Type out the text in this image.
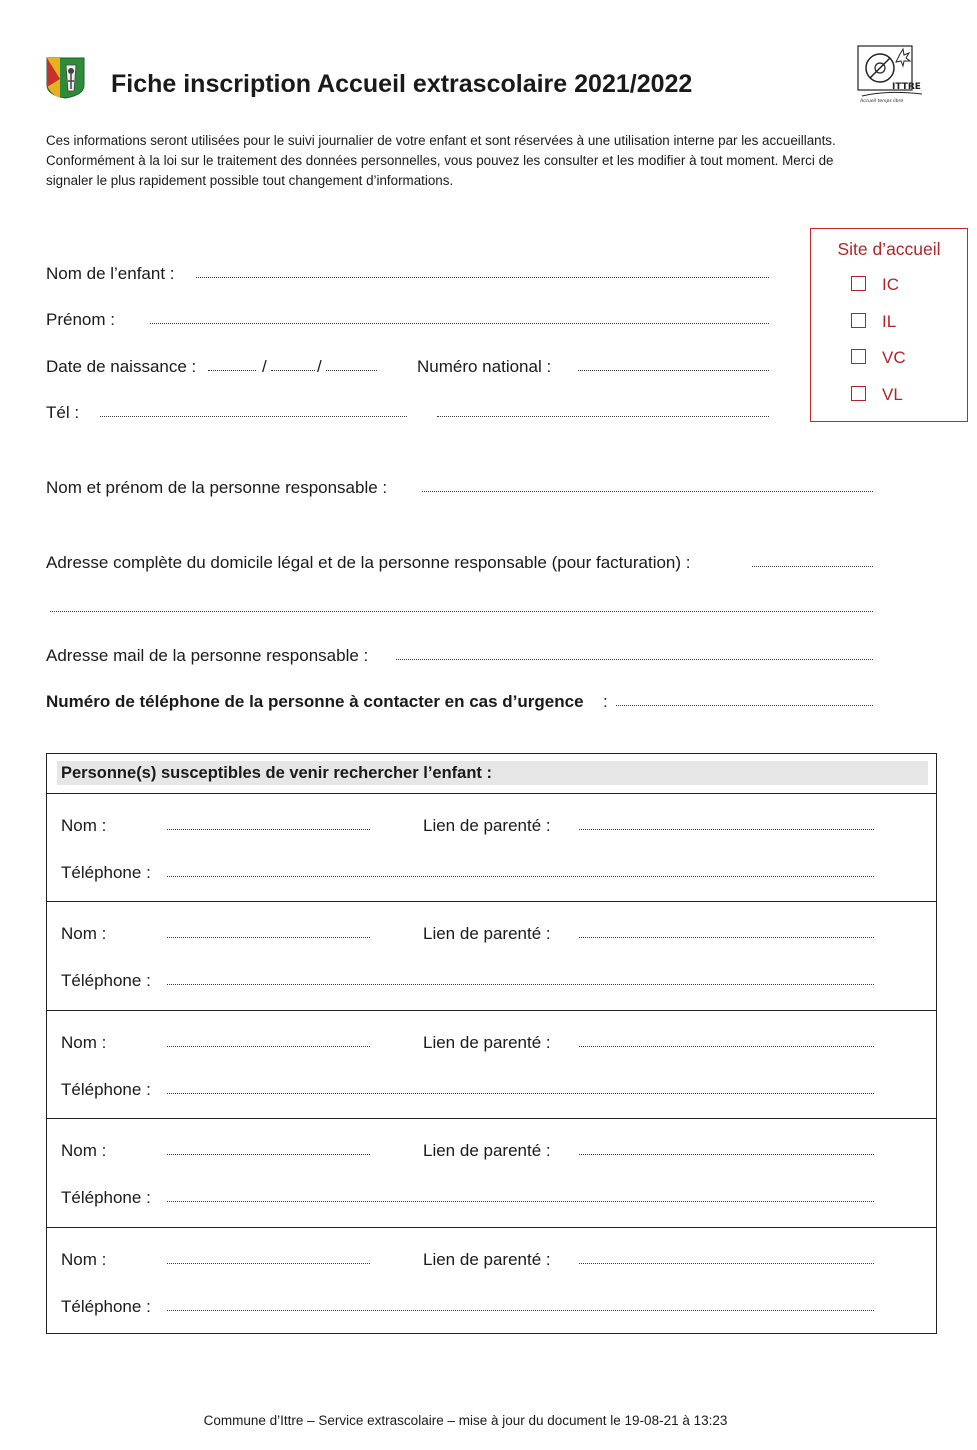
Fiche inscription Accueil extrascolaire 2021/2022	ITTRE
Accueil temps libre
Ces informations seront utilisées pour le suivi journalier de votre enfant et sont réservées à une utilisation interne par les accueillants. Conformément à la loi sur le traitement des données personnelles, vous pouvez les consulter et les modifier à tout moment. Merci de signaler le plus rapidement possible tout changement d’informations.
Site d’accueil
IC
IL
VC
VL
Nom de l’enfant :
Prénom :
Date de naissance :	/	/	Numéro national :
Tél :
Nom et prénom de la personne responsable :
Adresse complète du domicile légal et de la personne responsable (pour facturation) :
Adresse mail de la personne responsable :
Numéro de téléphone de la personne à contacter en cas d’urgence :
Personne(s) susceptibles de venir rechercher l’enfant :
Nom :	Lien de parenté :
Téléphone :
Nom :	Lien de parenté :
Téléphone :
Nom :	Lien de parenté :
Téléphone :
Nom :	Lien de parenté :
Téléphone :
Nom :	Lien de parenté :
Téléphone :
Commune d’Ittre – Service extrascolaire – mise à jour du document le 19-08-21 à 13:23
